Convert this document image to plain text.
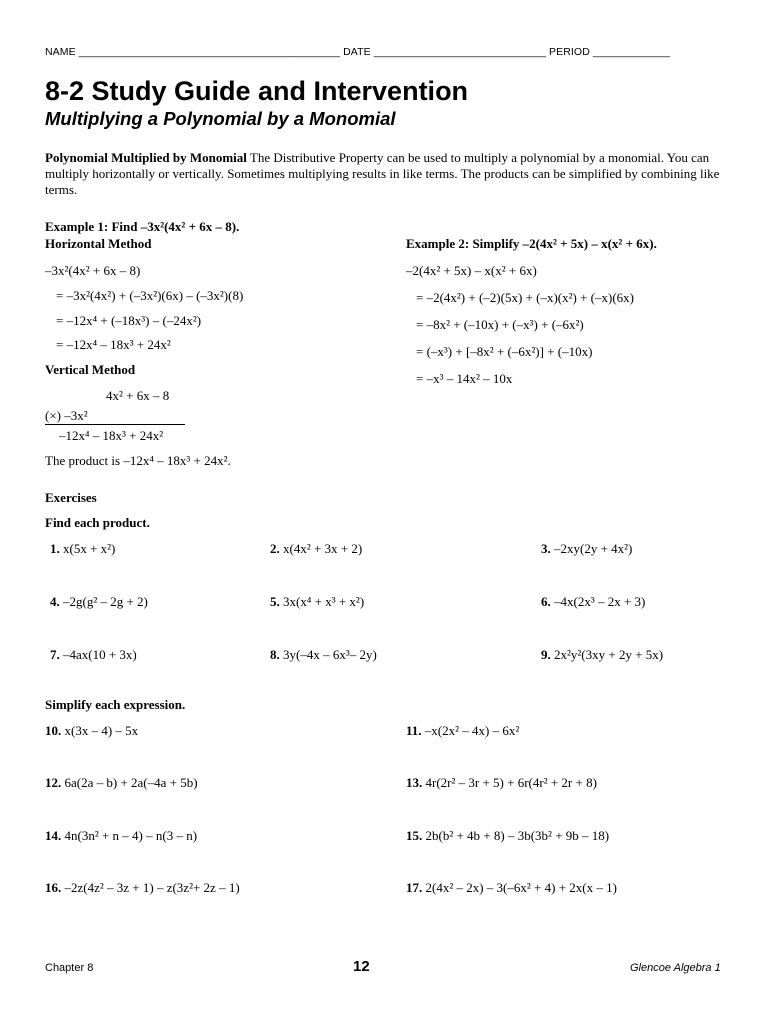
NAME ____________________________________________ DATE _____________________________ PERIOD _____________
8-2 Study Guide and Intervention
Multiplying a Polynomial by a Monomial
Polynomial Multiplied by Monomial The Distributive Property can be used to multiply a polynomial by a monomial. You can multiply horizontally or vertically. Sometimes multiplying results in like terms. The products can be simplified by combining like terms.
Example 1: Find –3x²(4x² + 6x – 8).
Horizontal Method
–3x²(4x² + 6x – 8)
= –3x²(4x²) + (–3x²)(6x) – (–3x²)(8)
= –12x⁴ + (–18x³) – (–24x²)
= –12x⁴ – 18x³ + 24x²
Vertical Method
4x² + 6x – 8
(×) –3x²
–12x⁴ – 18x³ + 24x²
The product is –12x⁴ – 18x³ + 24x².
Example 2: Simplify –2(4x² + 5x) – x(x² + 6x).
–2(4x² + 5x) – x(x² + 6x)
= –2(4x²) + (–2)(5x) + (–x)(x²) + (–x)(6x)
= –8x² + (–10x) + (–x³) + (–6x²)
= (–x³) + [–8x² + (–6x²)] + (–10x)
= –x³ – 14x² – 10x
Exercises
Find each product.
1. x(5x + x²)	2. x(4x² + 3x + 2)	3. –2xy(2y + 4x²)
4. –2g(g² – 2g + 2)	5. 3x(x⁴ + x³ + x²)	6. –4x(2x³ – 2x + 3)
7. –4ax(10 + 3x)	8. 3y(–4x – 6x³– 2y)	9. 2x²y²(3xy + 2y + 5x)
Simplify each expression.
10. x(3x – 4) – 5x	11. –x(2x² – 4x) – 6x²
12. 6a(2a – b) + 2a(–4a + 5b)	13. 4r(2r² – 3r + 5) + 6r(4r² + 2r + 8)
14. 4n(3n² + n – 4) – n(3 – n)	15. 2b(b² + 4b + 8) – 3b(3b² + 9b – 18)
16. –2z(4z² – 3z + 1) – z(3z²+ 2z – 1)	17. 2(4x² – 2x) – 3(–6x² + 4) + 2x(x – 1)
Chapter 8	12	Glencoe Algebra 1
